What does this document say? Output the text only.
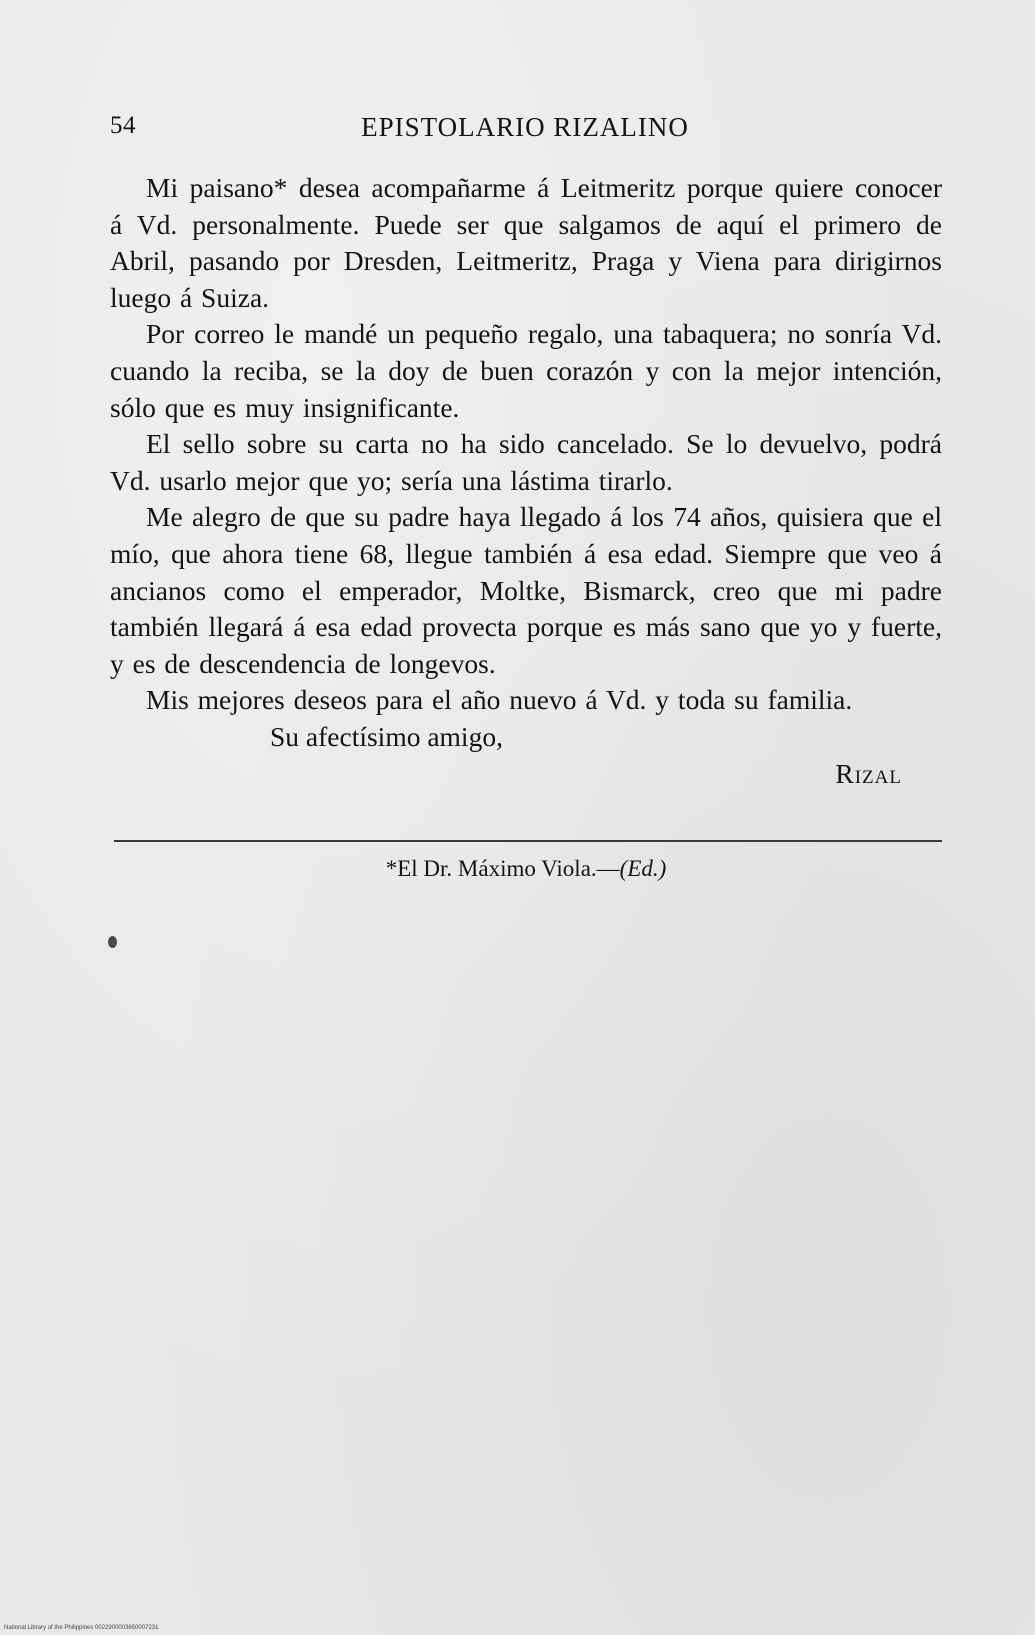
54	EPISTOLARIO RIZALINO

Mi paisano* desea acompañarme á Leitmeritz porque quiere conocer á Vd. personalmente. Puede ser que salgamos de aquí el primero de Abril, pasando por Dresden, Leitmeritz, Praga y Viena para dirigirnos luego á Suiza.

Por correo le mandé un pequeño regalo, una tabaquera; no sonría Vd. cuando la reciba, se la doy de buen corazón y con la mejor intención, sólo que es muy insignificante.

El sello sobre su carta no ha sido cancelado. Se lo devuelvo, podrá Vd. usarlo mejor que yo; sería una lástima tirarlo.

Me alegro de que su padre haya llegado á los 74 años, quisiera que el mío, que ahora tiene 68, llegue también á esa edad. Siempre que veo á ancianos como el emperador, Moltke, Bismarck, creo que mi padre también llegará á esa edad provecta porque es más sano que yo y fuerte, y es de descendencia de longevos.

Mis mejores deseos para el año nuevo á Vd. y toda su familia.

Su afectísimo amigo,
Rizal
*El Dr. Máximo Viola.—(Ed.)
National Library of the Philippines 0022900003650007231
